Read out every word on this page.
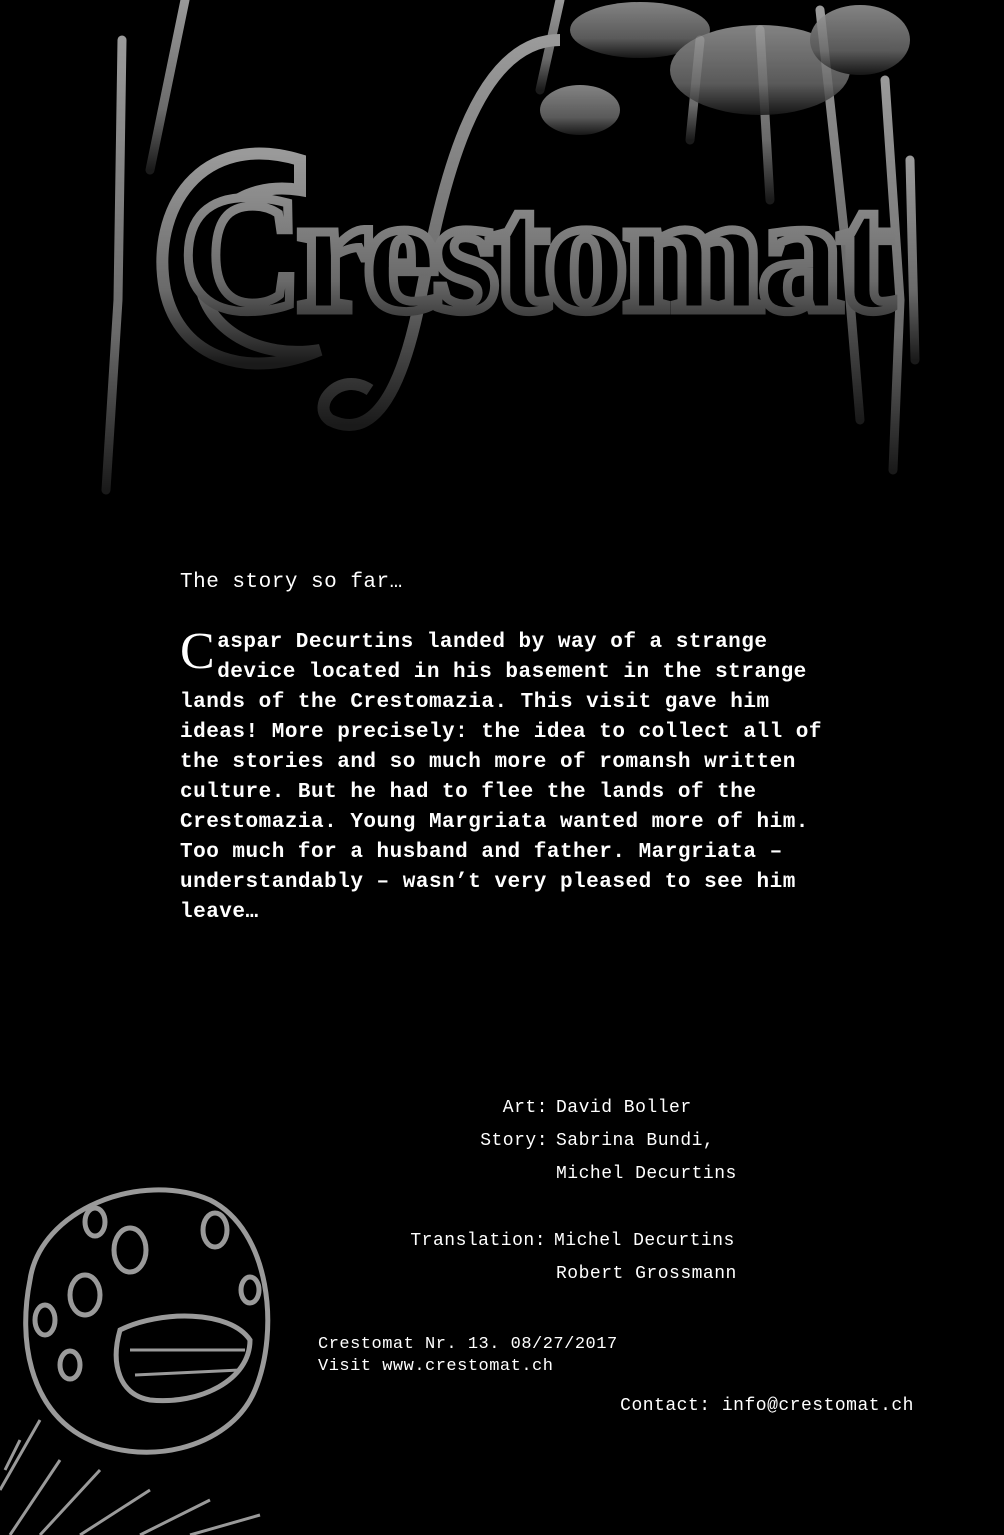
Crestomat

The story so far…

Caspar Decurtins landed by way of a strange device located in his basement in the strange lands of the Crestomazia. This visit gave him ideas! More precisely: the idea to collect all of the stories and so much more of romansh written culture. But he had to flee the lands of the Crestomazia. Young Margriata wanted more of him. Too much for a husband and father. Margriata – understandably – wasn’t very pleased to see him leave…

Art: David Boller
Story: Sabrina Bundi,
Michel Decurtins
Translation: Michel Decurtins
Robert Grossmann
Crestomat Nr. 13. 08/27/2017
Visit www.crestomat.ch
Contact: info@crestomat.ch
